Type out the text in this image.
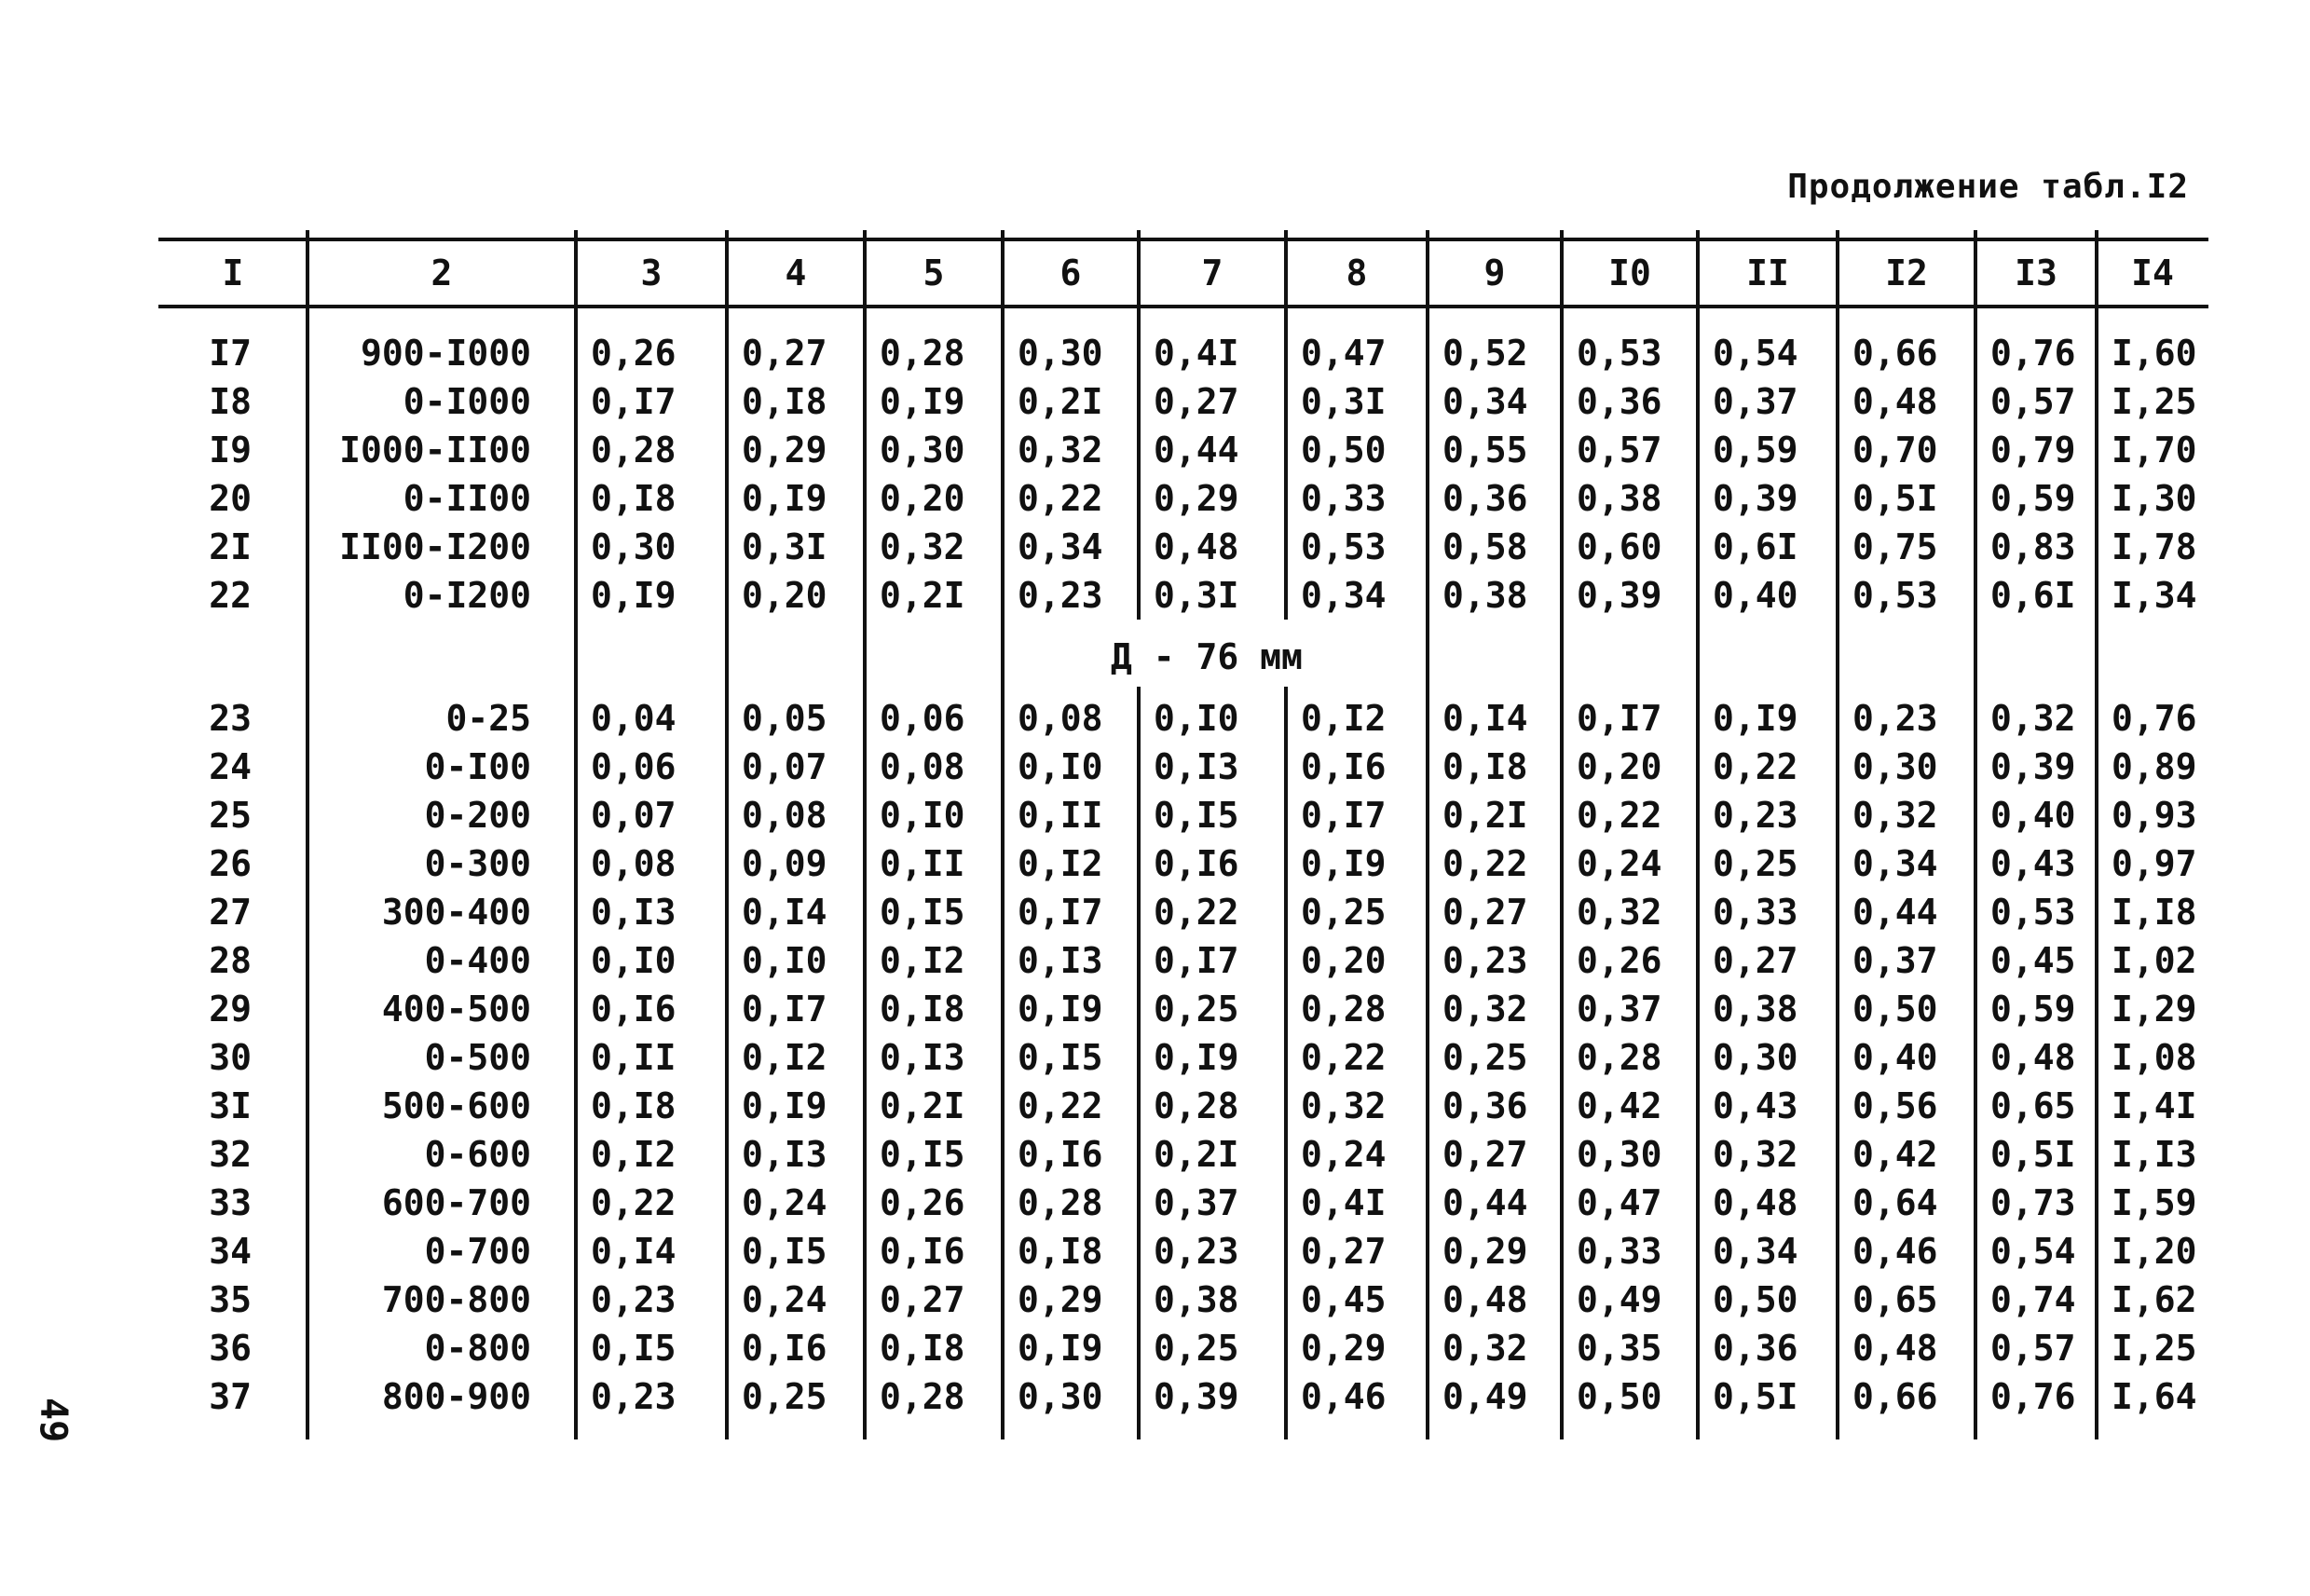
Продолжение табл.I2
49
Д - 76 мм
I	2	3	4	5	6	7	8	9	I0	II	I2	I3	I4
I7	900-I000 0,26	0,27	0,28	0,30	0,4I	0,47	0,52	0,53	0,54	0,66	0,76	I,60
I8	0-I000 0,I7	0,I8	0,I9	0,2I	0,27	0,3I	0,34	0,36	0,37	0,48	0,57	I,25
I9	I000-II00 0,28	0,29	0,30	0,32	0,44	0,50	0,55	0,57	0,59	0,70	0,79	I,70
20	0-II00 0,I8	0,I9	0,20	0,22	0,29	0,33	0,36	0,38	0,39	0,5I	0,59	I,30
2I	II00-I200 0,30	0,3I	0,32	0,34	0,48	0,53	0,58	0,60	0,6I	0,75	0,83	I,78
22	0-I200 0,I9	0,20	0,2I	0,23	0,3I	0,34	0,38	0,39	0,40	0,53	0,6I	I,34
23	0-25 0,04	0,05	0,06	0,08	0,I0	0,I2	0,I4	0,I7	0,I9	0,23	0,32	0,76
24	0-I00 0,06	0,07	0,08	0,I0	0,I3	0,I6	0,I8	0,20	0,22	0,30	0,39	0,89
25	0-200 0,07	0,08	0,I0	0,II	0,I5	0,I7	0,2I	0,22	0,23	0,32	0,40	0,93
26	0-300 0,08	0,09	0,II	0,I2	0,I6	0,I9	0,22	0,24	0,25	0,34	0,43	0,97
27	300-400 0,I3	0,I4	0,I5	0,I7	0,22	0,25	0,27	0,32	0,33	0,44	0,53	I,I8
28	0-400 0,I0	0,I0	0,I2	0,I3	0,I7	0,20	0,23	0,26	0,27	0,37	0,45	I,02
29	400-500 0,I6	0,I7	0,I8	0,I9	0,25	0,28	0,32	0,37	0,38	0,50	0,59	I,29
30	0-500 0,II	0,I2	0,I3	0,I5	0,I9	0,22	0,25	0,28	0,30	0,40	0,48	I,08
3I	500-600 0,I8	0,I9	0,2I	0,22	0,28	0,32	0,36	0,42	0,43	0,56	0,65	I,4I
32	0-600 0,I2	0,I3	0,I5	0,I6	0,2I	0,24	0,27	0,30	0,32	0,42	0,5I	I,I3
33	600-700 0,22	0,24	0,26	0,28	0,37	0,4I	0,44	0,47	0,48	0,64	0,73	I,59
34	0-700 0,I4	0,I5	0,I6	0,I8	0,23	0,27	0,29	0,33	0,34	0,46	0,54	I,20
35	700-800 0,23	0,24	0,27	0,29	0,38	0,45	0,48	0,49	0,50	0,65	0,74	I,62
36	0-800 0,I5	0,I6	0,I8	0,I9	0,25	0,29	0,32	0,35	0,36	0,48	0,57	I,25
37	800-900 0,23	0,25	0,28	0,30	0,39	0,46	0,49	0,50	0,5I	0,66	0,76	I,64
